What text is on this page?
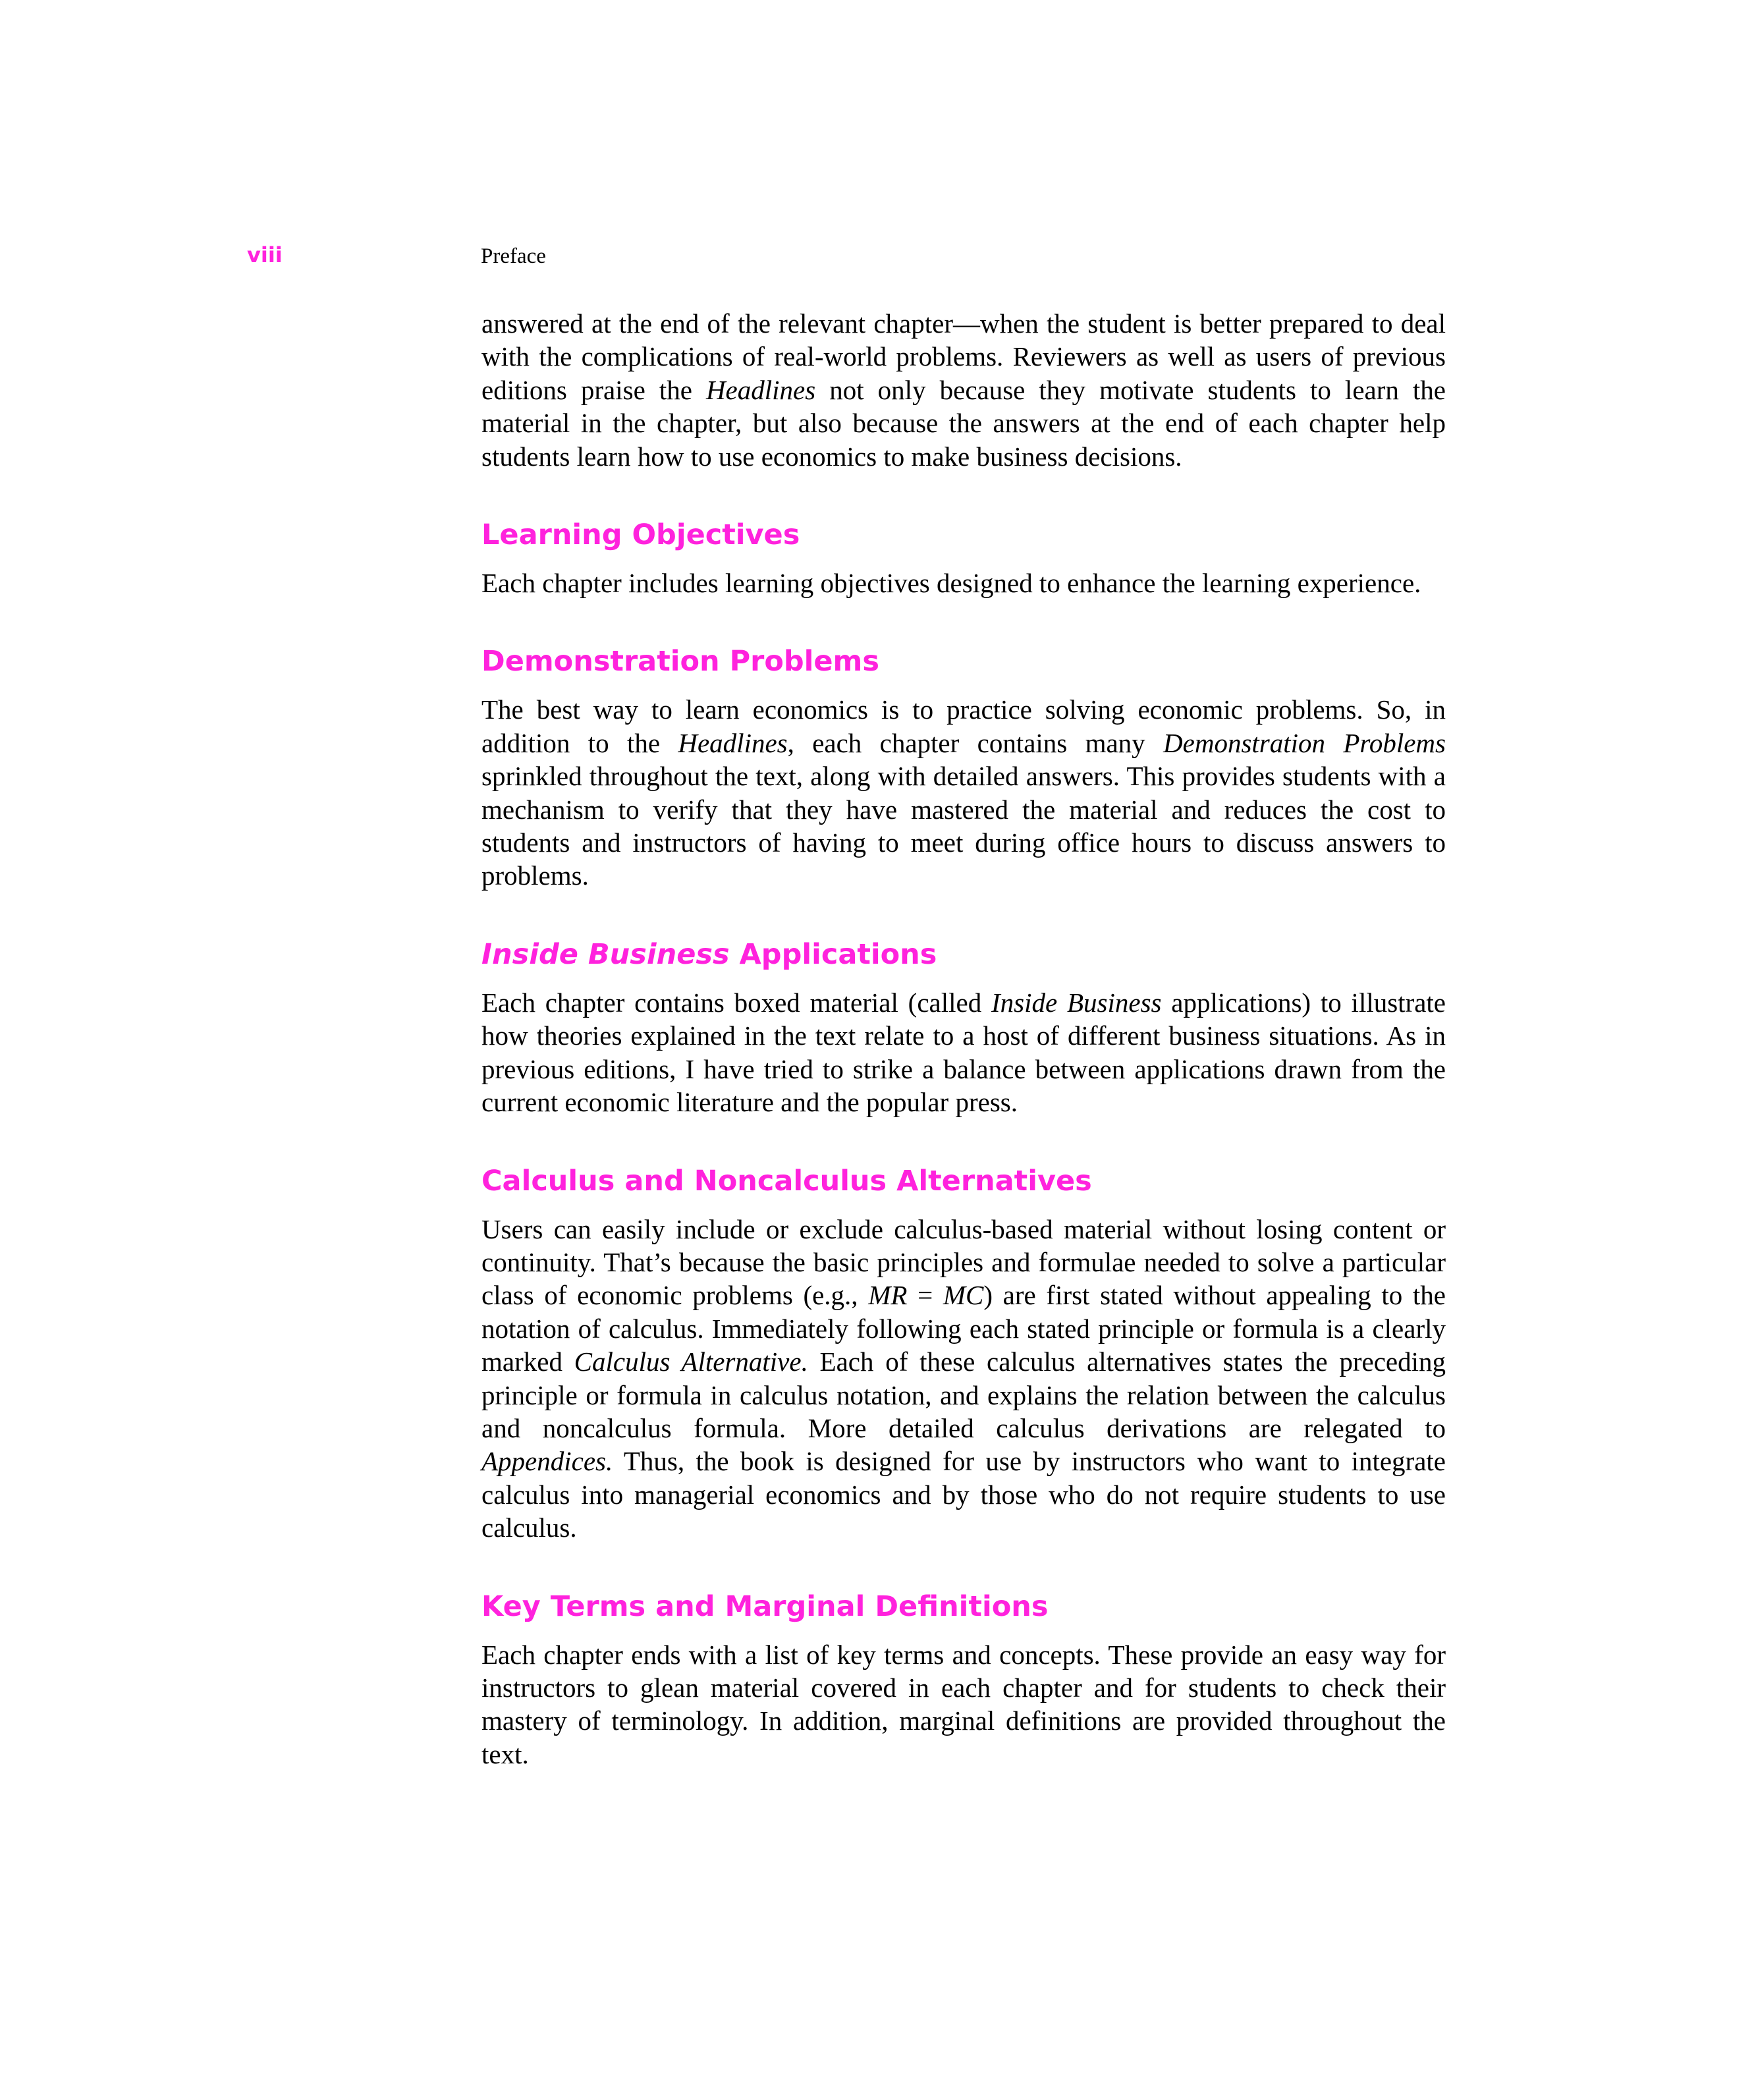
viii	Preface

answered at the end of the relevant chapter—when the student is better prepared to deal with the complications of real-world problems. Reviewers as well as users of previous editions praise the Headlines not only because they motivate students to learn the material in the chapter, but also because the answers at the end of each chapter help students learn how to use economics to make business decisions.

Learning Objectives

Each chapter includes learning objectives designed to enhance the learning experience.

Demonstration Problems

The best way to learn economics is to practice solving economic problems. So, in addition to the Headlines, each chapter contains many Demonstration Problems sprinkled throughout the text, along with detailed answers. This provides students with a mechanism to verify that they have mastered the material and reduces the cost to students and instructors of having to meet during office hours to discuss answers to problems.

Inside Business Applications

Each chapter contains boxed material (called Inside Business applications) to illustrate how theories explained in the text relate to a host of different business situations. As in previous editions, I have tried to strike a balance between applications drawn from the current economic literature and the popular press.

Calculus and Noncalculus Alternatives

Users can easily include or exclude calculus-based material without losing content or continuity. That’s because the basic principles and formulae needed to solve a particular class of economic problems (e.g., MR = MC) are first stated without appealing to the notation of calculus. Immediately following each stated principle or formula is a clearly marked Calculus Alternative. Each of these calculus alternatives states the preceding principle or formula in calculus notation, and explains the relation between the calculus and noncalculus formula. More detailed calculus derivations are relegated to Appendices. Thus, the book is designed for use by instructors who want to integrate calculus into managerial economics and by those who do not require students to use calculus.

Key Terms and Marginal Definitions

Each chapter ends with a list of key terms and concepts. These provide an easy way for instructors to glean material covered in each chapter and for students to check their mastery of terminology. In addition, marginal definitions are provided throughout the text.
